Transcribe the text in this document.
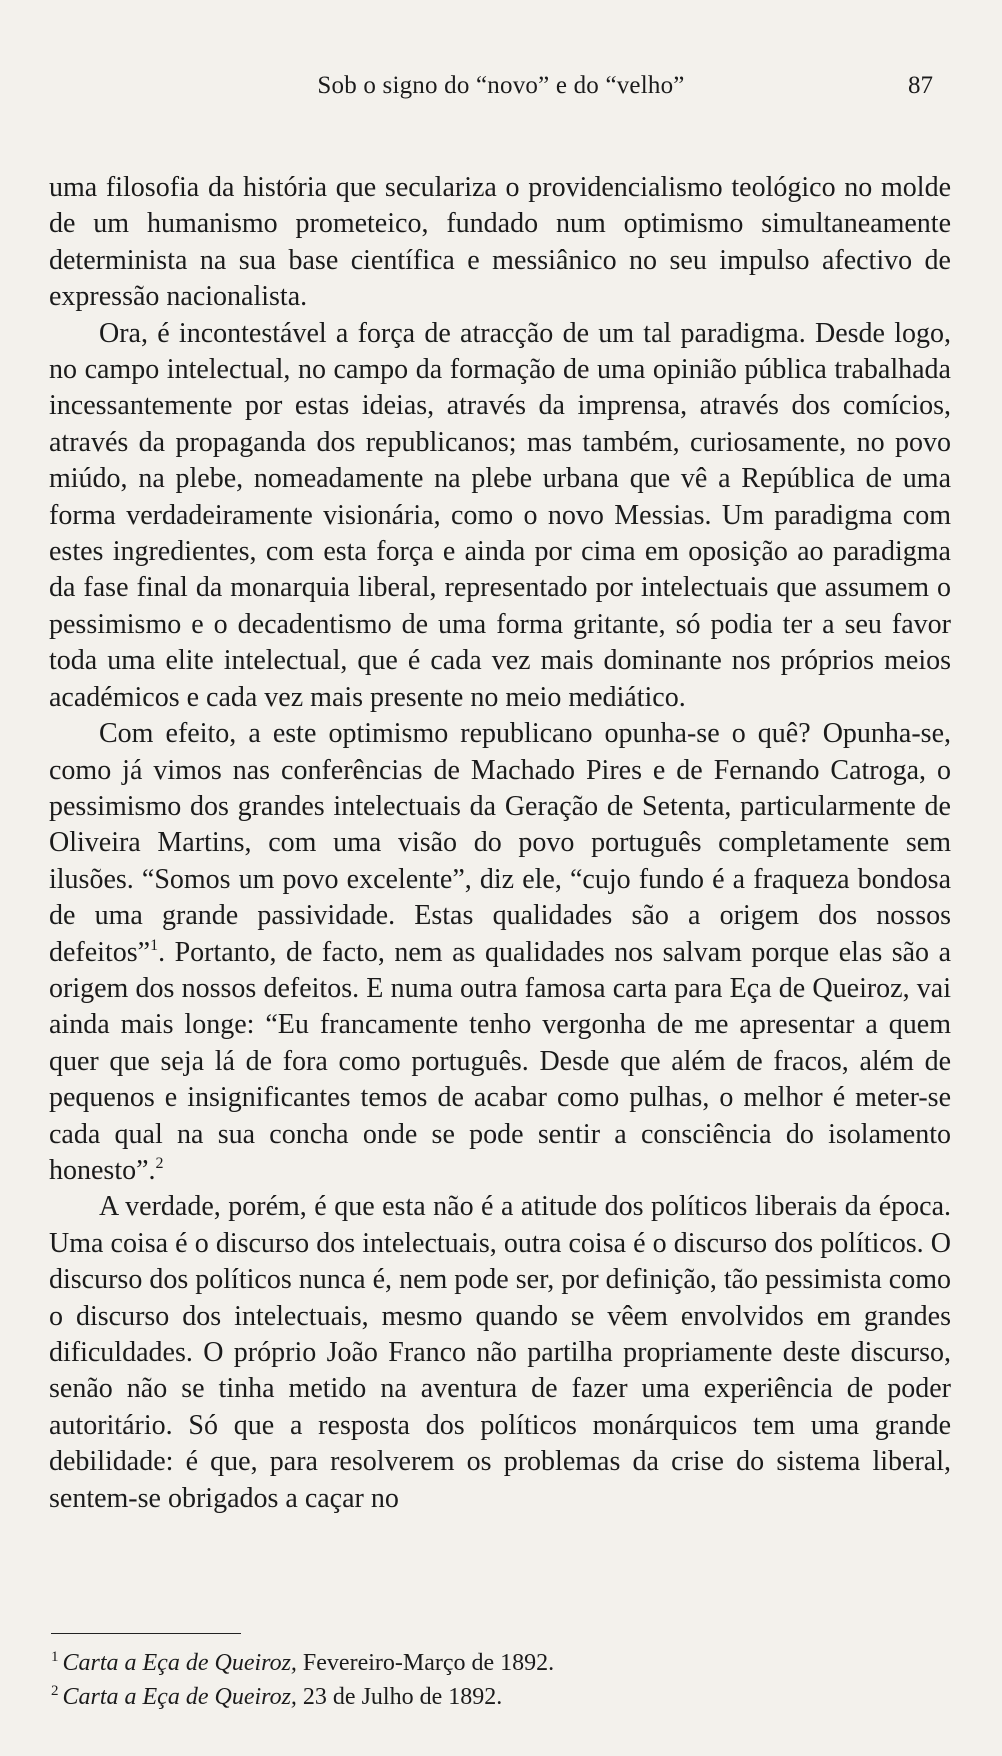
Sob o signo do “novo” e do “velho”	87

uma filosofia da história que seculariza o providencialismo teológico no molde de um humanismo prometeico, fundado num optimismo simultaneamente determinista na sua base científica e messiânico no seu impulso afectivo de expressão nacionalista.

Ora, é incontestável a força de atracção de um tal paradigma. Desde logo, no campo intelectual, no campo da formação de uma opinião pública trabalhada incessantemente por estas ideias, através da imprensa, através dos comícios, através da propaganda dos republicanos; mas também, curiosamente, no povo miúdo, na plebe, nomeadamente na plebe urbana que vê a República de uma forma verdadeiramente visionária, como o novo Messias. Um paradigma com estes ingredientes, com esta força e ainda por cima em oposição ao paradigma da fase final da monarquia liberal, representado por intelectuais que assumem o pessimismo e o decadentismo de uma forma gritante, só podia ter a seu favor toda uma elite intelectual, que é cada vez mais dominante nos próprios meios académicos e cada vez mais presente no meio mediático.

Com efeito, a este optimismo republicano opunha-se o quê? Opunha-se, como já vimos nas conferências de Machado Pires e de Fernando Catroga, o pessimismo dos grandes intelectuais da Geração de Setenta, particularmente de Oliveira Martins, com uma visão do povo português completamente sem ilusões. “Somos um povo excelente”, diz ele, “cujo fundo é a fraqueza bondosa de uma grande passividade. Estas qualidades são a origem dos nossos defeitos”$^1$. Portanto, de facto, nem as qualidades nos salvam porque elas são a origem dos nossos defeitos. E numa outra famosa carta para Eça de Queiroz, vai ainda mais longe: “Eu francamente tenho vergonha de me apresentar a quem quer que seja lá de fora como português. Desde que além de fracos, além de pequenos e insignificantes temos de acabar como pulhas, o melhor é meter-se cada qual na sua concha onde se pode sentir a consciência do isolamento honesto”.$^2$

A verdade, porém, é que esta não é a atitude dos políticos liberais da época. Uma coisa é o discurso dos intelectuais, outra coisa é o discurso dos políticos. O discurso dos políticos nunca é, nem pode ser, por definição, tão pessimista como o discurso dos intelectuais, mesmo quando se vêem envolvidos em grandes dificuldades. O próprio João Franco não partilha propriamente deste discurso, senão não se tinha metido na aventura de fazer uma experiência de poder autoritário. Só que a resposta dos políticos monárquicos tem uma grande debilidade: é que, para resolverem os problemas da crise do sistema liberal, sentem-se obrigados a caçar no

$^1$ Carta a Eça de Queiroz, Fevereiro-Março de 1892.
$^2$ Carta a Eça de Queiroz, 23 de Julho de 1892.
